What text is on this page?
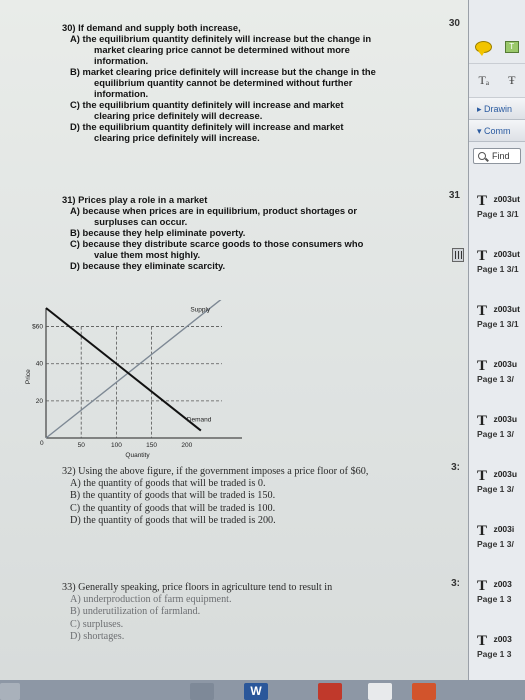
30
31
3:
3:
30) If demand and supply both increase,
A) the equilibrium quantity definitely will increase but the change in
market clearing price cannot be determined without more
information.
B) market clearing price definitely will increase but the change in the
equilibrium quantity cannot be determined without further
information.
C) the equilibrium quantity definitely will increase and market
clearing price definitely will decrease.
D) the equilibrium quantity definitely will increase and market
clearing price definitely will increase.
31) Prices play a role in a market
A) because when prices are in equilibrium, product shortages or
surpluses can occur.
B) because they help eliminate poverty.
C) because they distribute scarce goods to those consumers who
value them most highly.
D) because they eliminate scarcity.
$60
40
20
50	100	150	200
0
Quantity
Price
Supply
Demand
32) Using the above figure, if the government imposes a price floor of $60,
A) the quantity of goods that will be traded is 0.
B) the quantity of goods that will be traded is 150.
C) the quantity of goods that will be traded is 100.
D) the quantity of goods that will be traded is 200.
33) Generally speaking, price floors in agriculture tend to result in
A) underproduction of farm equipment.
B) underutilization of farmland.
C) surpluses.
D) shortages.
T
Tₐ Ŧ
▸ Drawin
▾ Comm
Find
T z003ut
Page 1 3/1
T z003ut
Page 1 3/1
T z003ut
Page 1 3/1
T z003u
Page 1 3/
T z003u
Page 1 3/
T z003u
Page 1 3/
T z003i
Page 1 3/
T z003
Page 1 3
T z003
Page 1 3
W
